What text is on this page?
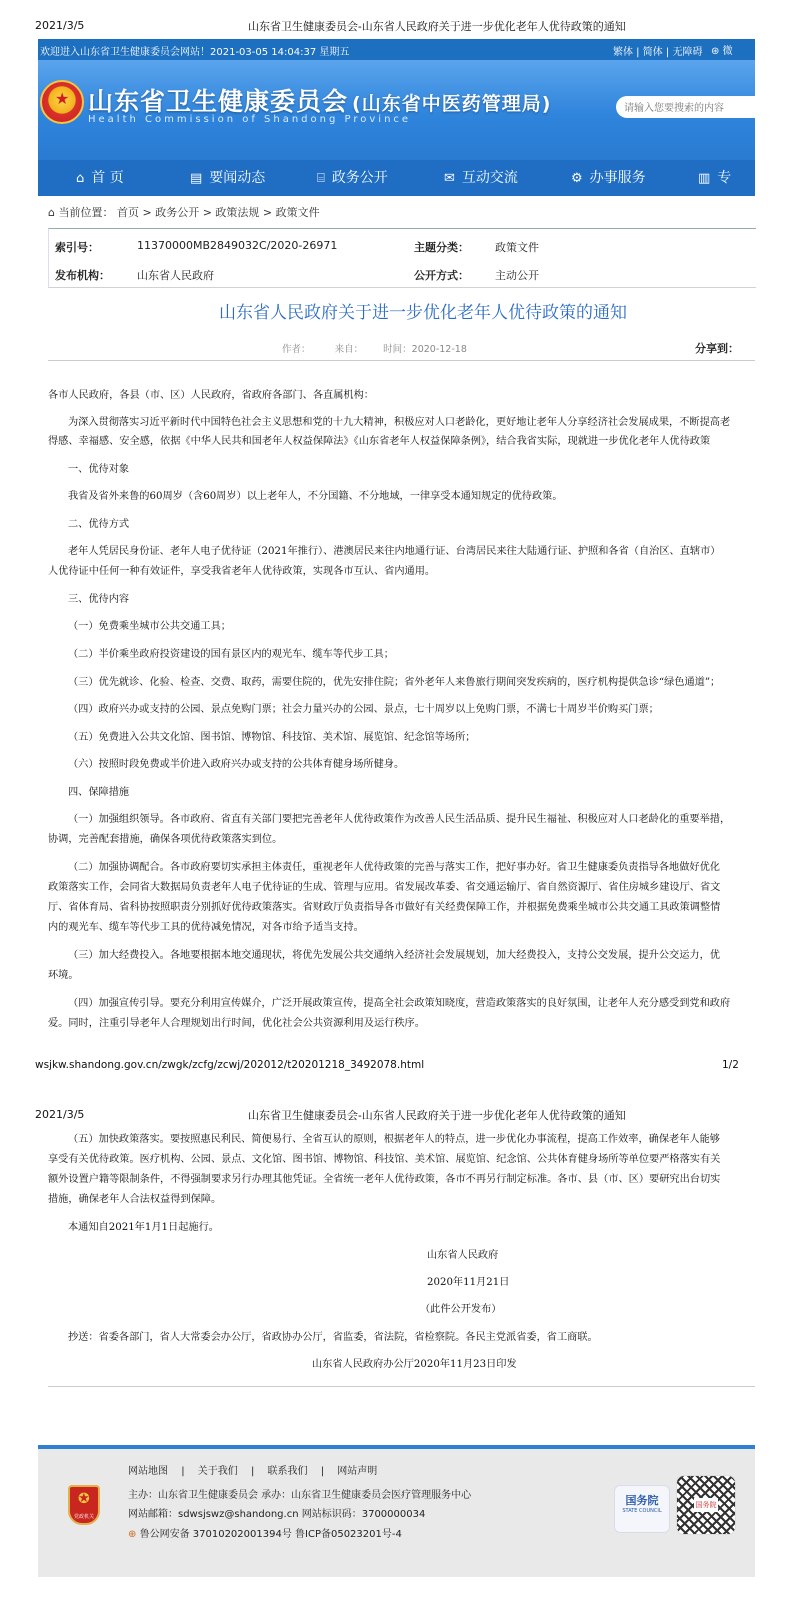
2021/3/5	山东省卫生健康委员会-山东省人民政府关于进一步优化老年人优待政策的通知
欢迎进入山东省卫生健康委员会网站！2021-03-05 14:04:37 星期五	繁体 | 简体 | 无障碍 ⊛ 微
★ 山东省卫生健康委员会 (山东省中医药管理局)
Health Commission of Shandong Province
请输入您要搜索的内容
⌂ 首 页	▤ 要闻动态	⌸ 政务公开	✉ 互动交流	⚙ 办事服务	▥ 专
⌂ 当前位置： 首页 > 政务公开 > 政策法规 > 政策文件
索引号：	11370000MB2849032C/2020-26971	主题分类： 政策文件
发布机构： 山东省人民政府	公开方式： 主动公开
山东省人民政府关于进一步优化老年人优待政策的通知
作者：	来自： 时间：2020-12-18	分享到：
各市人民政府，各县（市、区）人民政府，省政府各部门、各直属机构：
为深入贯彻落实习近平新时代中国特色社会主义思想和党的十九大精神，积极应对人口老龄化，更好地让老年人分享经济社会发展成果，不断提高老
得感、幸福感、安全感，依据《中华人民共和国老年人权益保障法》《山东省老年人权益保障条例》，结合我省实际，现就进一步优化老年人优待政策
一、优待对象
我省及省外来鲁的60周岁（含60周岁）以上老年人，不分国籍、不分地域，一律享受本通知规定的优待政策。
二、优待方式
老年人凭居民身份证、老年人电子优待证（2021年推行）、港澳居民来往内地通行证、台湾居民来往大陆通行证、护照和各省（自治区、直辖市）
人优待证中任何一种有效证件，享受我省老年人优待政策，实现各市互认、省内通用。
三、优待内容
（一）免费乘坐城市公共交通工具；
（二）半价乘坐政府投资建设的国有景区内的观光车、缆车等代步工具；
（三）优先就诊、化验、检查、交费、取药，需要住院的，优先安排住院；省外老年人来鲁旅行期间突发疾病的，医疗机构提供急诊“绿色通道”；
（四）政府兴办或支持的公园、景点免购门票；社会力量兴办的公园、景点，七十周岁以上免购门票，不满七十周岁半价购买门票；
（五）免费进入公共文化馆、图书馆、博物馆、科技馆、美术馆、展览馆、纪念馆等场所；
（六）按照时段免费或半价进入政府兴办或支持的公共体育健身场所健身。
四、保障措施
（一）加强组织领导。各市政府、省直有关部门要把完善老年人优待政策作为改善人民生活品质、提升民生福祉、积极应对人口老龄化的重要举措，
协调，完善配套措施，确保各项优待政策落实到位。
（二）加强协调配合。各市政府要切实承担主体责任，重视老年人优待政策的完善与落实工作，把好事办好。省卫生健康委负责指导各地做好优化
政策落实工作，会同省大数据局负责老年人电子优待证的生成、管理与应用。省发展改革委、省交通运输厅、省自然资源厅、省住房城乡建设厅、省文
厅、省体育局、省科协按照职责分别抓好优待政策落实。省财政厅负责指导各市做好有关经费保障工作，并根据免费乘坐城市公共交通工具政策调整情
内的观光车、缆车等代步工具的优待减免情况，对各市给予适当支持。
（三）加大经费投入。各地要根据本地交通现状，将优先发展公共交通纳入经济社会发展规划，加大经费投入，支持公交发展，提升公交运力，优
环境。
（四）加强宣传引导。要充分利用宣传媒介，广泛开展政策宣传，提高全社会政策知晓度，营造政策落实的良好氛围，让老年人充分感受到党和政府
爱。同时，注重引导老年人合理规划出行时间，优化社会公共资源利用及运行秩序。
wsjkw.shandong.gov.cn/zwgk/zcfg/zcwj/202012/t20201218_3492078.html	1/2
2021/3/5	山东省卫生健康委员会-山东省人民政府关于进一步优化老年人优待政策的通知
（五）加快政策落实。要按照惠民利民、简便易行、全省互认的原则，根据老年人的特点，进一步优化办事流程，提高工作效率，确保老年人能够
享受有关优待政策。医疗机构、公园、景点、文化馆、图书馆、博物馆、科技馆、美术馆、展览馆、纪念馆、公共体育健身场所等单位要严格落实有关
额外设置户籍等限制条件，不得强制要求另行办理其他凭证。全省统一老年人优待政策，各市不再另行制定标准。各市、县（市、区）要研究出台切实
措施，确保老年人合法权益得到保障。
本通知自2021年1月1日起施行。
山东省人民政府
2020年11月21日
（此件公开发布）
抄送：省委各部门，省人大常委会办公厅，省政协办公厅，省监委，省法院，省检察院。各民主党派省委，省工商联。
山东省人民政府办公厅2020年11月23日印发
网站地图 | 关于我们 | 联系我们 | 网站声明
✪
党政机关
主办：山东省卫生健康委员会 承办：山东省卫生健康委员会医疗管理服务中心
网站邮箱：sdwsjswz@shandong.cn 网站标识码：3700000034
⊕ 鲁公网安备 37010202001394号 鲁ICP备05023201号-4
国务院
STATE COUNCIL
国务院
